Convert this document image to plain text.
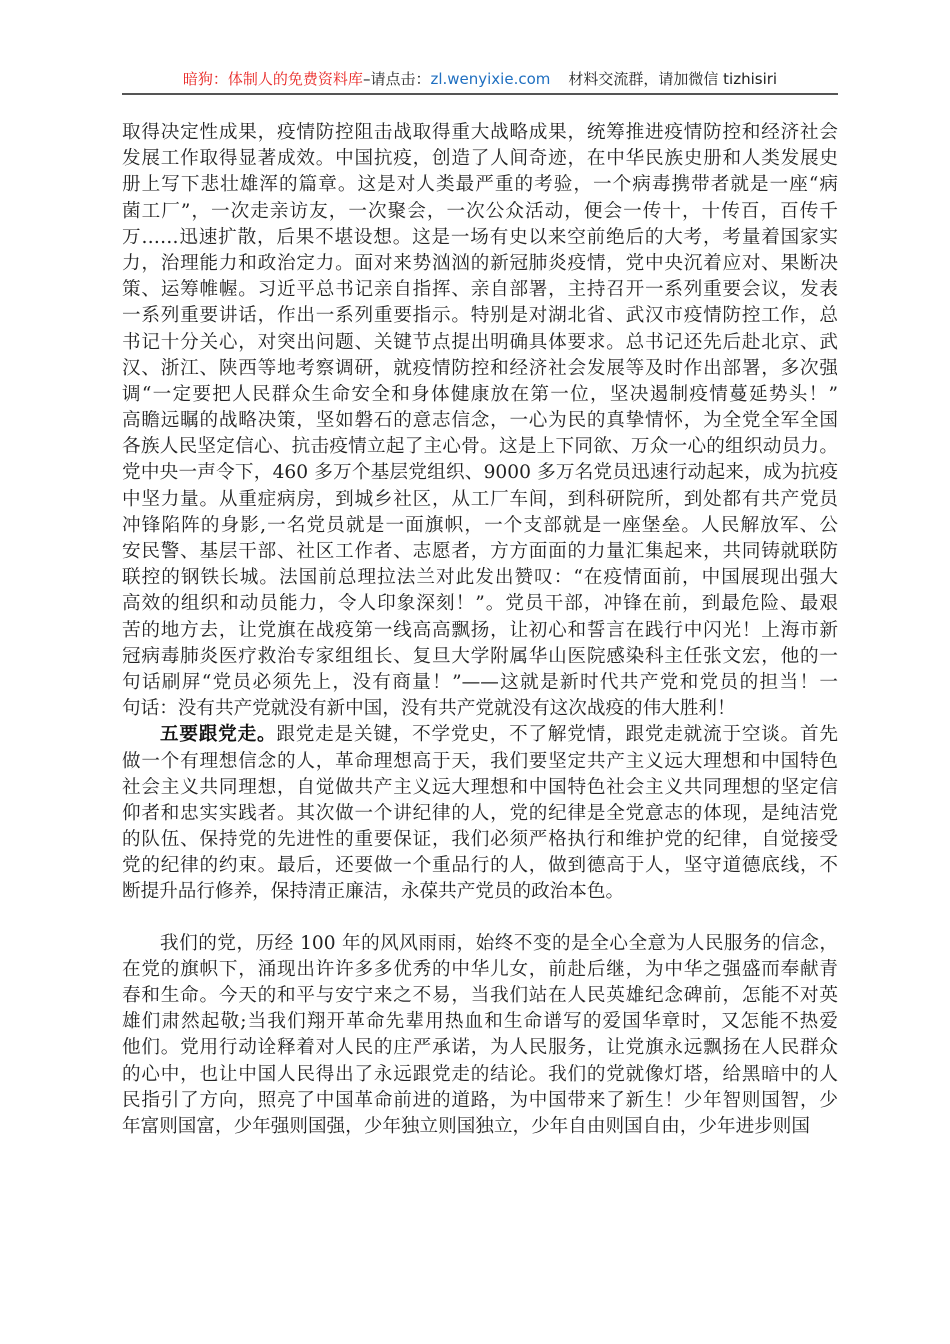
暗狗：体制人的免费资料库–请点击：zl.wenyixie.com 材料交流群，请加微信 tizhisiri
取得决定性成果，疫情防控阻击战取得重大战略成果，统筹推进疫情防控和经济社会
发展工作取得显著成效。中国抗疫，创造了人间奇迹，在中华民族史册和人类发展史
册上写下悲壮雄浑的篇章。这是对人类最严重的考验，一个病毒携带者就是一座“病
菌工厂”，一次走亲访友，一次聚会，一次公众活动，便会一传十，十传百，百传千
万……迅速扩散，后果不堪设想。这是一场有史以来空前绝后的大考，考量着国家实
力，治理能力和政治定力。面对来势汹汹的新冠肺炎疫情，党中央沉着应对、果断决
策、运筹帷幄。习近平总书记亲自指挥、亲自部署，主持召开一系列重要会议，发表
一系列重要讲话，作出一系列重要指示。特别是对湖北省、武汉市疫情防控工作，总
书记十分关心，对突出问题、关键节点提出明确具体要求。总书记还先后赴北京、武
汉、浙江、陕西等地考察调研，就疫情防控和经济社会发展等及时作出部署，多次强
调“一定要把人民群众生命安全和身体健康放在第一位，坚决遏制疫情蔓延势头！”
高瞻远瞩的战略决策，坚如磐石的意志信念，一心为民的真挚情怀，为全党全军全国
各族人民坚定信心、抗击疫情立起了主心骨。这是上下同欲、万众一心的组织动员力。
党中央一声令下，460 多万个基层党组织、9000 多万名党员迅速行动起来，成为抗疫
中坚力量。从重症病房，到城乡社区，从工厂车间，到科研院所，到处都有共产党员
冲锋陷阵的身影,一名党员就是一面旗帜，一个支部就是一座堡垒。人民解放军、公
安民警、基层干部、社区工作者、志愿者，方方面面的力量汇集起来，共同铸就联防
联控的钢铁长城。法国前总理拉法兰对此发出赞叹：“在疫情面前，中国展现出强大
高效的组织和动员能力，令人印象深刻！”。党员干部，冲锋在前，到最危险、最艰
苦的地方去，让党旗在战疫第一线高高飘扬，让初心和誓言在践行中闪光！上海市新
冠病毒肺炎医疗救治专家组组长、复旦大学附属华山医院感染科主任张文宏，他的一
句话刷屏“党员必须先上，没有商量！”——这就是新时代共产党和党员的担当！一
句话：没有共产党就没有新中国，没有共产党就没有这次战疫的伟大胜利！
五要跟党走。跟党走是关键，不学党史，不了解党情，跟党走就流于空谈。首先
做一个有理想信念的人，革命理想高于天，我们要坚定共产主义远大理想和中国特色
社会主义共同理想，自觉做共产主义远大理想和中国特色社会主义共同理想的坚定信
仰者和忠实实践者。其次做一个讲纪律的人，党的纪律是全党意志的体现，是纯洁党
的队伍、保持党的先进性的重要保证，我们必须严格执行和维护党的纪律，自觉接受
党的纪律的约束。最后，还要做一个重品行的人，做到德高于人，坚守道德底线，不
断提升品行修养，保持清正廉洁，永葆共产党员的政治本色。
我们的党，历经 100 年的风风雨雨，始终不变的是全心全意为人民服务的信念，
在党的旗帜下，涌现出许许多多优秀的中华儿女，前赴后继，为中华之强盛而奉献青
春和生命。今天的和平与安宁来之不易，当我们站在人民英雄纪念碑前，怎能不对英
雄们肃然起敬;当我们翔开革命先辈用热血和生命谱写的爱国华章时，又怎能不热爱
他们。党用行动诠释着对人民的庄严承诺，为人民服务，让党旗永远飘扬在人民群众
的心中，也让中国人民得出了永远跟党走的结论。我们的党就像灯塔，给黑暗中的人
民指引了方向，照亮了中国革命前进的道路，为中国带来了新生！少年智则国智，少
年富则国富，少年强则国强，少年独立则国独立，少年自由则国自由，少年进步则国
